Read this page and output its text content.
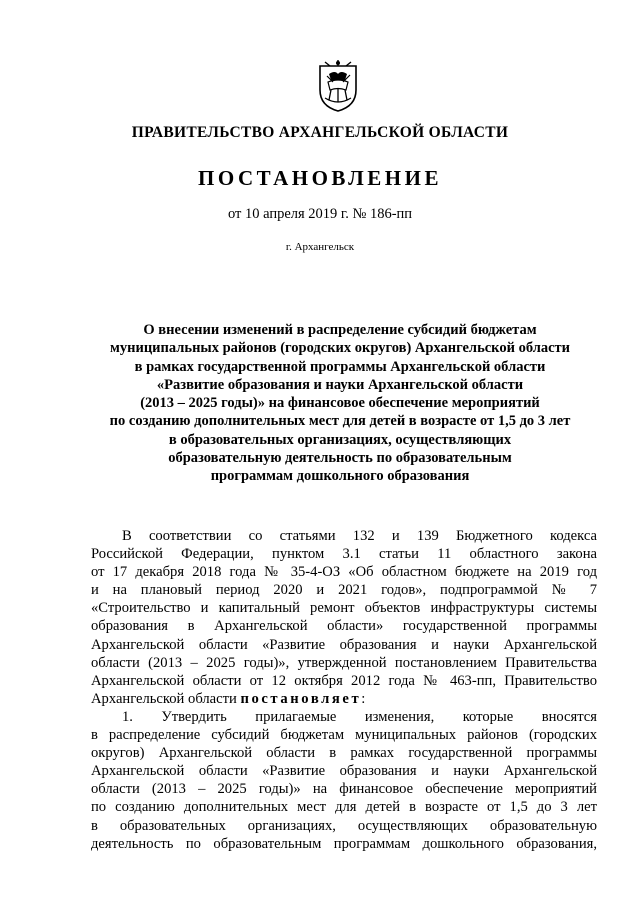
ПРАВИТЕЛЬСТВО АРХАНГЕЛЬСКОЙ ОБЛАСТИ
ПОСТАНОВЛЕНИЕ
от 10 апреля 2019 г. № 186-пп
г. Архангельск
О внесении изменений в распределение субсидий бюджетам
муниципальных районов (городских округов) Архангельской области
в рамках государственной программы Архангельской области
«Развитие образования и науки Архангельской области
(2013 – 2025 годы)» на финансовое обеспечение мероприятий
по созданию дополнительных мест для детей в возрасте от 1,5 до 3 лет
в образовательных организациях, осуществляющих
образовательную деятельность по образовательным
программам дошкольного образования
В соответствии со статьями 132 и 139 Бюджетного кодекса
Российской Федерации, пунктом 3.1 статьи 11 областного закона
от 17 декабря 2018 года № 35-4-ОЗ «Об областном бюджете на 2019 год
и на плановый период 2020 и 2021 годов», подпрограммой № 7
«Строительство и капитальный ремонт объектов инфраструктуры системы
образования в Архангельской области» государственной программы
Архангельской области «Развитие образования и науки Архангельской
области (2013 – 2025 годы)», утвержденной постановлением Правительства
Архангельской области от 12 октября 2012 года № 463-пп, Правительство
Архангельской области постановляет:
1. Утвердить прилагаемые изменения, которые вносятся
в распределение субсидий бюджетам муниципальных районов (городских
округов) Архангельской области в рамках государственной программы
Архангельской области «Развитие образования и науки Архангельской
области (2013 – 2025 годы)» на финансовое обеспечение мероприятий
по созданию дополнительных мест для детей в возрасте от 1,5 до 3 лет
в образовательных организациях, осуществляющих образовательную
деятельность по образовательным программам дошкольного образования,
